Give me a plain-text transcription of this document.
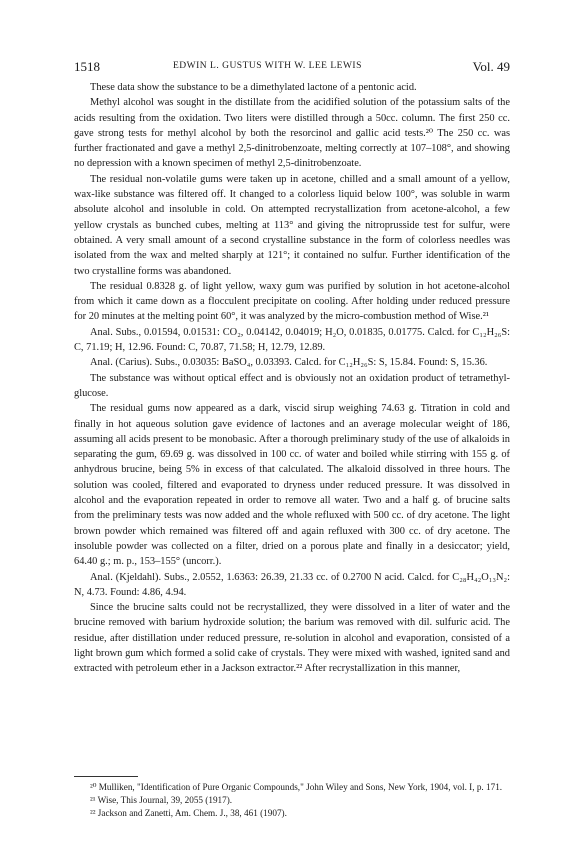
1518	EDWIN L. GUSTUS WITH W. LEE LEWIS	Vol. 49

These data show the substance to be a dimethylated lactone of a pentonic acid.

Methyl alcohol was sought in the distillate from the acidified solution of the potassium salts of the acids resulting from the oxidation. Two liters were distilled through a 50cc. column. The first 250 cc. gave strong tests for methyl alcohol by both the resorcinol and gallic acid tests.²⁰ The 250 cc. was further fractionated and gave a methyl 2,5-dinitrobenzoate, melting correctly at 107–108°, and showing no depression with a known specimen of methyl 2,5-dinitrobenzoate.

The residual non-volatile gums were taken up in acetone, chilled and a small amount of a yellow, wax-like substance was filtered off. It changed to a colorless liquid below 100°, was soluble in warm absolute alcohol and insoluble in cold. On attempted recrystallization from acetone-alcohol, a few yellow crystals as bunched cubes, melting at 113° and giving the nitroprusside test for sulfur, were obtained. A very small amount of a second crystalline substance in the form of colorless needles was isolated from the wax and melted sharply at 121°; it contained no sulfur. Further identification of the two crystalline forms was abandoned.

The residual 0.8328 g. of light yellow, waxy gum was purified by solution in hot acetone-alcohol from which it came down as a flocculent precipitate on cooling. After holding under reduced pressure for 20 minutes at the melting point 60°, it was analyzed by the micro-combustion method of Wise.²¹

Anal. Subs., 0.01594, 0.01531: CO₂, 0.04142, 0.04019; H₂O, 0.01835, 0.01775. Calcd. for C₁₂H₂₆S: C, 71.19; H, 12.96. Found: C, 70.87, 71.58; H, 12.79, 12.89.

Anal. (Carius). Subs., 0.03035: BaSO₄, 0.03393. Calcd. for C₁₂H₂₆S: S, 15.84. Found: S, 15.36.

The substance was without optical effect and is obviously not an oxidation product of tetramethyl-glucose.

The residual gums now appeared as a dark, viscid sirup weighing 74.63 g. Titration in cold and finally in hot aqueous solution gave evidence of lactones and an average molecular weight of 186, assuming all acids present to be monobasic. After a thorough preliminary study of the use of alkaloids in separating the gum, 69.69 g. was dissolved in 100 cc. of water and boiled while stirring with 155 g. of anhydrous brucine, being 5% in excess of that calculated. The alkaloid dissolved in three hours. The solution was cooled, filtered and evaporated to dryness under reduced pressure. It was dissolved in alcohol and the evaporation repeated in order to remove all water. Two and a half g. of brucine salts from the preliminary tests was now added and the whole refluxed with 500 cc. of dry acetone. The light brown powder which remained was filtered off and again refluxed with 300 cc. of dry acetone. The insoluble powder was collected on a filter, dried on a porous plate and finally in a desiccator; yield, 64.40 g.; m. p., 153–155° (uncorr.).

Anal. (Kjeldahl). Subs., 2.0552, 1.6363: 26.39, 21.33 cc. of 0.2700 N acid. Calcd. for C₂₈H₄₂O₁₃N₂: N, 4.73. Found: 4.86, 4.94.

Since the brucine salts could not be recrystallized, they were dissolved in a liter of water and the brucine removed with barium hydroxide solution; the barium was removed with dil. sulfuric acid. The residue, after distillation under reduced pressure, re-solution in alcohol and evaporation, consisted of a light brown gum which formed a solid cake of crystals. They were mixed with washed, ignited sand and extracted with petroleum ether in a Jackson extractor.²² After recrystallization in this manner,

²⁰ Mulliken, "Identification of Pure Organic Compounds," John Wiley and Sons, New York, 1904, vol. I, p. 171.

²¹ Wise, This Journal, 39, 2055 (1917).

²² Jackson and Zanetti, Am. Chem. J., 38, 461 (1907).
